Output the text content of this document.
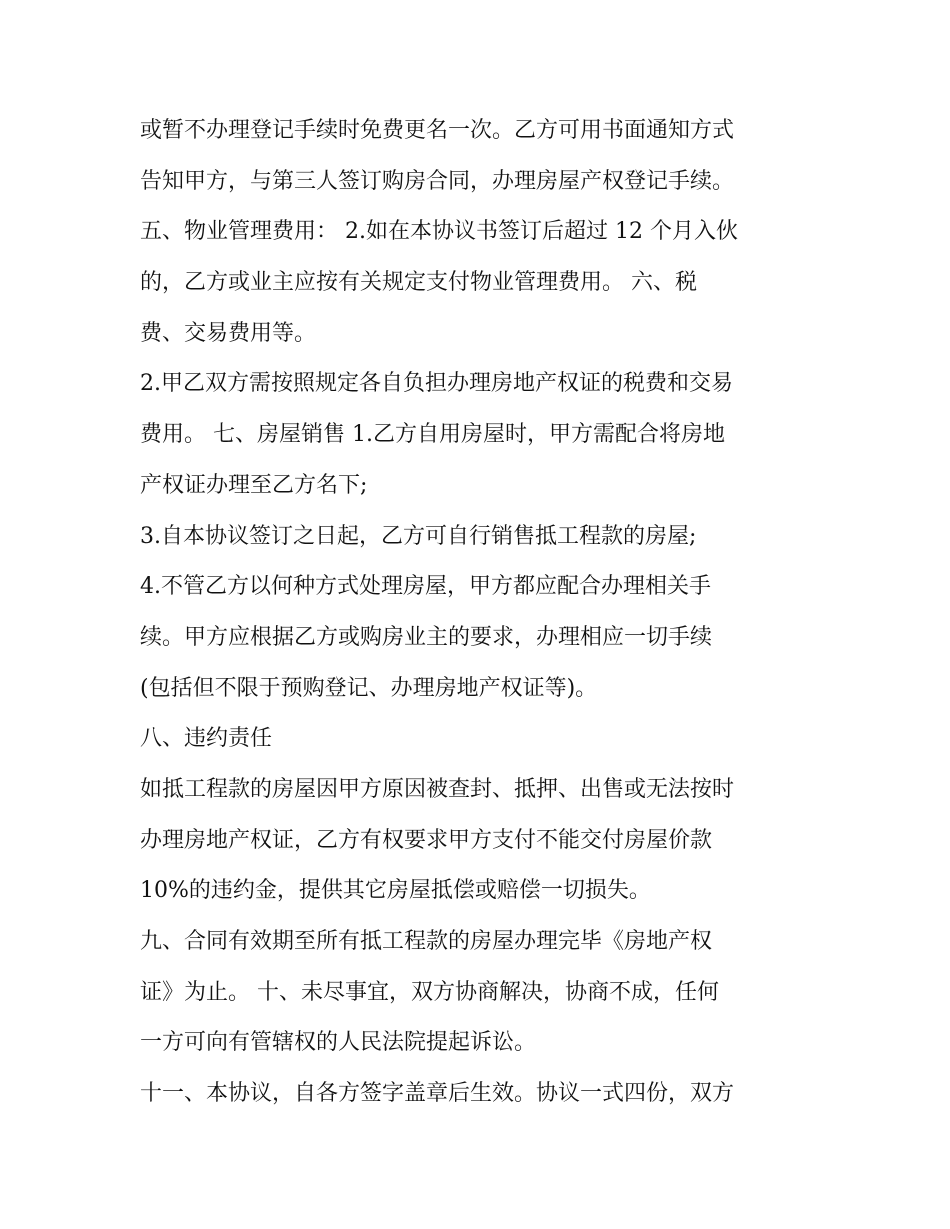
或暂不办理登记手续时免费更名一次。乙方可用书面通知方式
告知甲方，与第三人签订购房合同，办理房屋产权登记手续。
五、物业管理费用： 2.如在本协议书签订后超过 12 个月入伙
的，乙方或业主应按有关规定支付物业管理费用。 六、税
费、交易费用等。
2.甲乙双方需按照规定各自负担办理房地产权证的税费和交易
费用。 七、房屋销售 1.乙方自用房屋时，甲方需配合将房地
产权证办理至乙方名下;
3.自本协议签订之日起，乙方可自行销售抵工程款的房屋;
4.不管乙方以何种方式处理房屋，甲方都应配合办理相关手
续。甲方应根据乙方或购房业主的要求，办理相应一切手续
(包括但不限于预购登记、办理房地产权证等)。
八、违约责任
如抵工程款的房屋因甲方原因被查封、抵押、出售或无法按时
办理房地产权证，乙方有权要求甲方支付不能交付房屋价款
10%的违约金，提供其它房屋抵偿或赔偿一切损失。
九、合同有效期至所有抵工程款的房屋办理完毕《房地产权
证》为止。 十、未尽事宜，双方协商解决，协商不成，任何
一方可向有管辖权的人民法院提起诉讼。
十一、本协议，自各方签字盖章后生效。协议一式四份，双方
